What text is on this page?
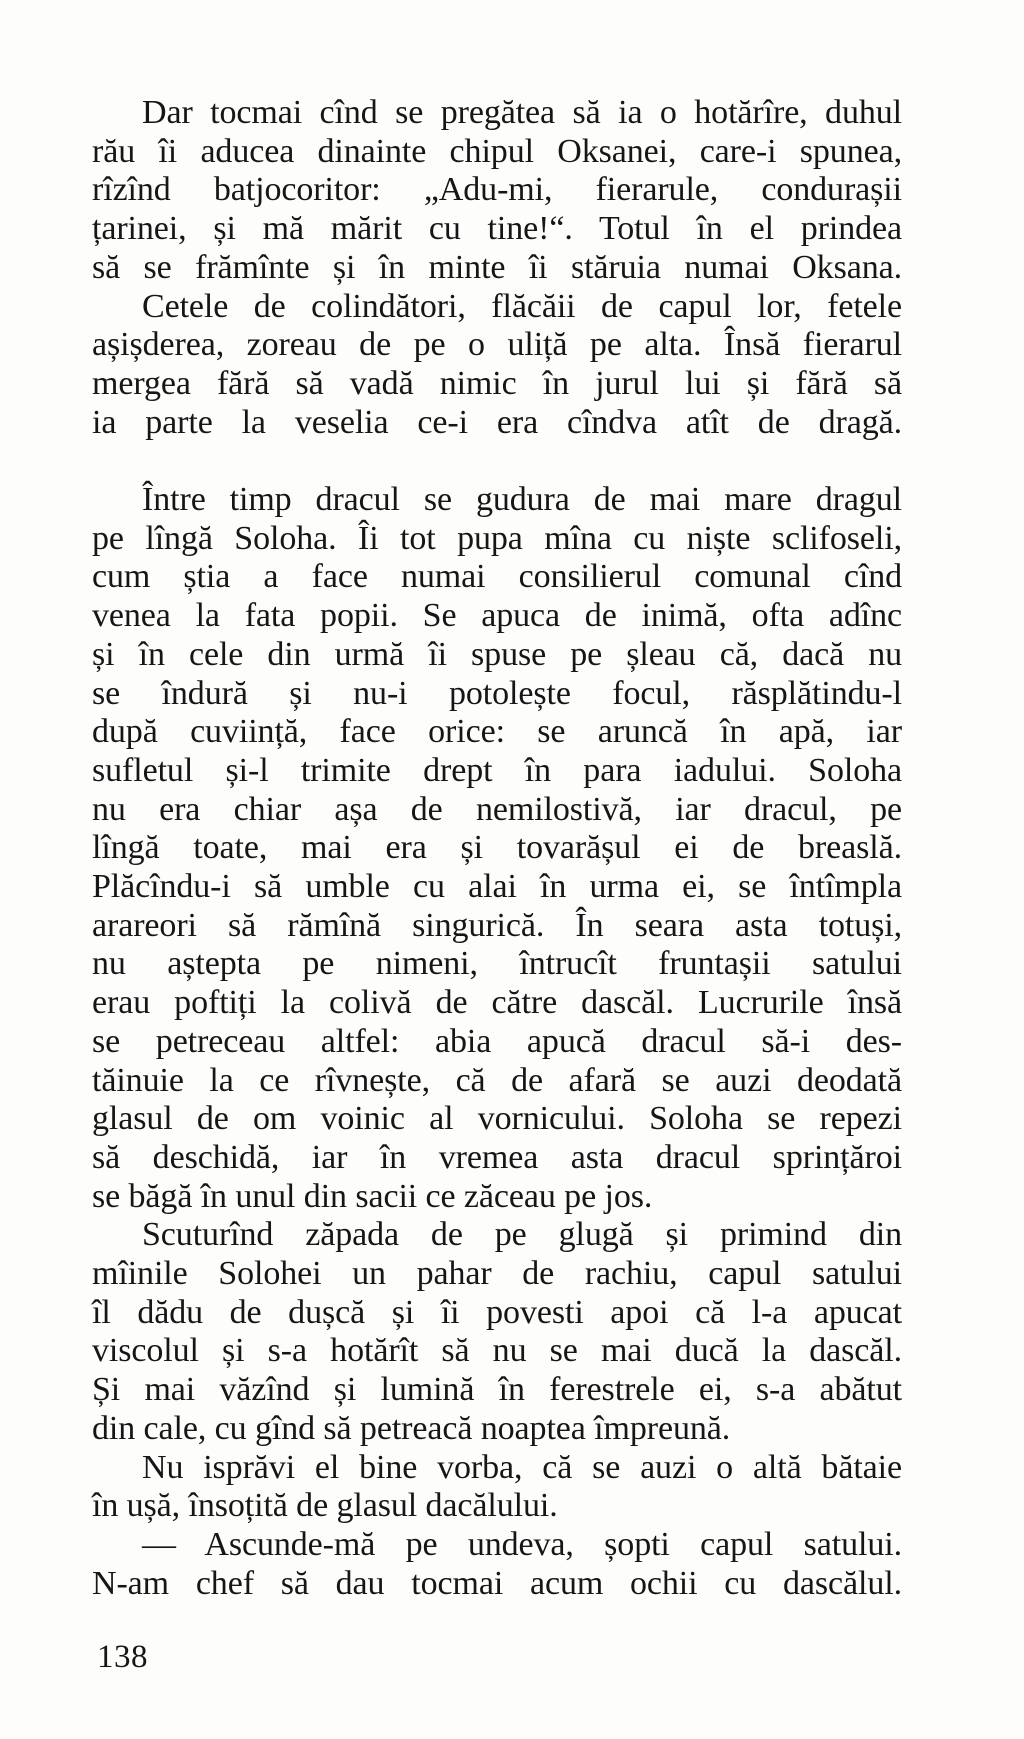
Dar tocmai cînd se pregătea să ia o hotărîre, duhul
rău îi aducea dinainte chipul Oksanei, care-i spunea,
rîzînd batjocoritor: „Adu-mi, fierarule, condurașii
țarinei, și mă mărit cu tine!“. Totul în el prindea
să se frămînte și în minte îi stăruia numai Oksana.
Cetele de colindători, flăcăii de capul lor, fetele
așișderea, zoreau de pe o uliță pe alta. Însă fierarul
mergea fără să vadă nimic în jurul lui și fără să
ia parte la veselia ce-i era cîndva atît de dragă.
Între timp dracul se gudura de mai mare dragul
pe lîngă Soloha. Îi tot pupa mîna cu niște sclifoseli,
cum știa a face numai consilierul comunal cînd
venea la fata popii. Se apuca de inimă, ofta adînc
și în cele din urmă îi spuse pe șleau că, dacă nu
se îndură și nu-i potolește focul, răsplătindu-l
după cuviință, face orice: se aruncă în apă, iar
sufletul și-l trimite drept în para iadului. Soloha
nu era chiar așa de nemilostivă, iar dracul, pe
lîngă toate, mai era și tovarășul ei de breaslă.
Plăcîndu-i să umble cu alai în urma ei, se întîmpla
arareori să rămînă singurică. În seara asta totuși,
nu aștepta pe nimeni, întrucît fruntașii satului
erau poftiți la colivă de către dascăl. Lucrurile însă
se petreceau altfel: abia apucă dracul să-i des-
tăinuie la ce rîvnește, că de afară se auzi deodată
glasul de om voinic al vornicului. Soloha se repezi
să deschidă, iar în vremea asta dracul sprințăroi
se băgă în unul din sacii ce zăceau pe jos.
Scuturînd zăpada de pe glugă și primind din
mîinile Solohei un pahar de rachiu, capul satului
îl dădu de dușcă și îi povesti apoi că l-a apucat
viscolul și s-a hotărît să nu se mai ducă la dascăl.
Și mai văzînd și lumină în ferestrele ei, s-a abătut
din cale, cu gînd să petreacă noaptea împreună.
Nu isprăvi el bine vorba, că se auzi o altă bătaie
în ușă, însoțită de glasul dacălului.
— Ascunde-mă pe undeva, șopti capul satului.
N-am chef să dau tocmai acum ochii cu dascălul.
138
